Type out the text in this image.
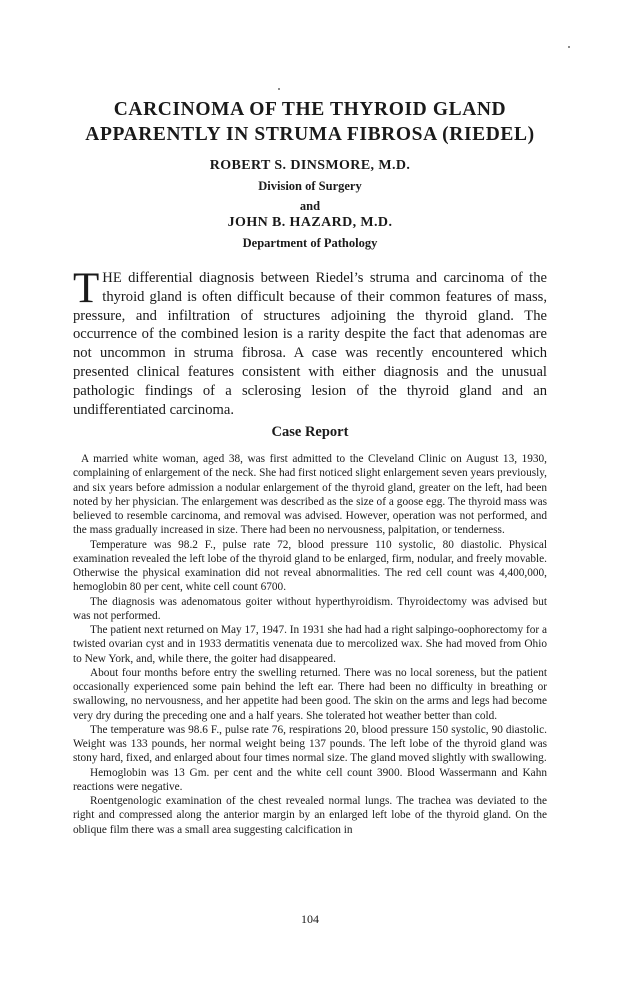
CARCINOMA OF THE THYROID GLAND
APPARENTLY IN STRUMA FIBROSA (RIEDEL)
ROBERT S. DINSMORE, M.D.
Division of Surgery
and
JOHN B. HAZARD, M.D.
Department of Pathology
THE differential diagnosis between Riedel’s struma and carcinoma of the thyroid gland is often difficult because of their common features of mass, pressure, and infiltration of structures adjoining the thyroid gland. The occurrence of the combined lesion is a rarity despite the fact that adenomas are not uncommon in struma fibrosa. A case was recently encountered which presented clinical features consistent with either diagnosis and the unusual pathologic findings of a sclerosing lesion of the thyroid gland and an undifferentiated carcinoma.
Case Report

A married white woman, aged 38, was first admitted to the Cleveland Clinic on August 13, 1930, complaining of enlargement of the neck. She had first noticed slight enlargement seven years previously, and six years before admission a nodular enlargement of the thyroid gland, greater on the left, had been noted by her physician. The enlargement was described as the size of a goose egg. The thyroid mass was believed to resemble carcinoma, and removal was advised. However, operation was not performed, and the mass gradually increased in size. There had been no nervousness, palpitation, or tenderness.

Temperature was 98.2 F., pulse rate 72, blood pressure 110 systolic, 80 diastolic. Physical examination revealed the left lobe of the thyroid gland to be enlarged, firm, nodular, and freely movable. Otherwise the physical examination did not reveal abnormalities. The red cell count was 4,400,000, hemoglobin 80 per cent, white cell count 6700.

The diagnosis was adenomatous goiter without hyperthyroidism. Thyroidectomy was advised but was not performed.

The patient next returned on May 17, 1947. In 1931 she had had a right salpingo-oophorectomy for a twisted ovarian cyst and in 1933 dermatitis venenata due to mercolized wax. She had moved from Ohio to New York, and, while there, the goiter had disappeared.

About four months before entry the swelling returned. There was no local soreness, but the patient occasionally experienced some pain behind the left ear. There had been no difficulty in breathing or swallowing, no nervousness, and her appetite had been good. The skin on the arms and legs had become very dry during the preceding one and a half years. She tolerated hot weather better than cold.

The temperature was 98.6 F., pulse rate 76, respirations 20, blood pressure 150 systolic, 90 diastolic. Weight was 133 pounds, her normal weight being 137 pounds. The left lobe of the thyroid gland was stony hard, fixed, and enlarged about four times normal size. The gland moved slightly with swallowing.

Hemoglobin was 13 Gm. per cent and the white cell count 3900. Blood Wassermann and Kahn reactions were negative.

Roentgenologic examination of the chest revealed normal lungs. The trachea was deviated to the right and compressed along the anterior margin by an enlarged left lobe of the thyroid gland. On the oblique film there was a small area suggesting calcification in

104
